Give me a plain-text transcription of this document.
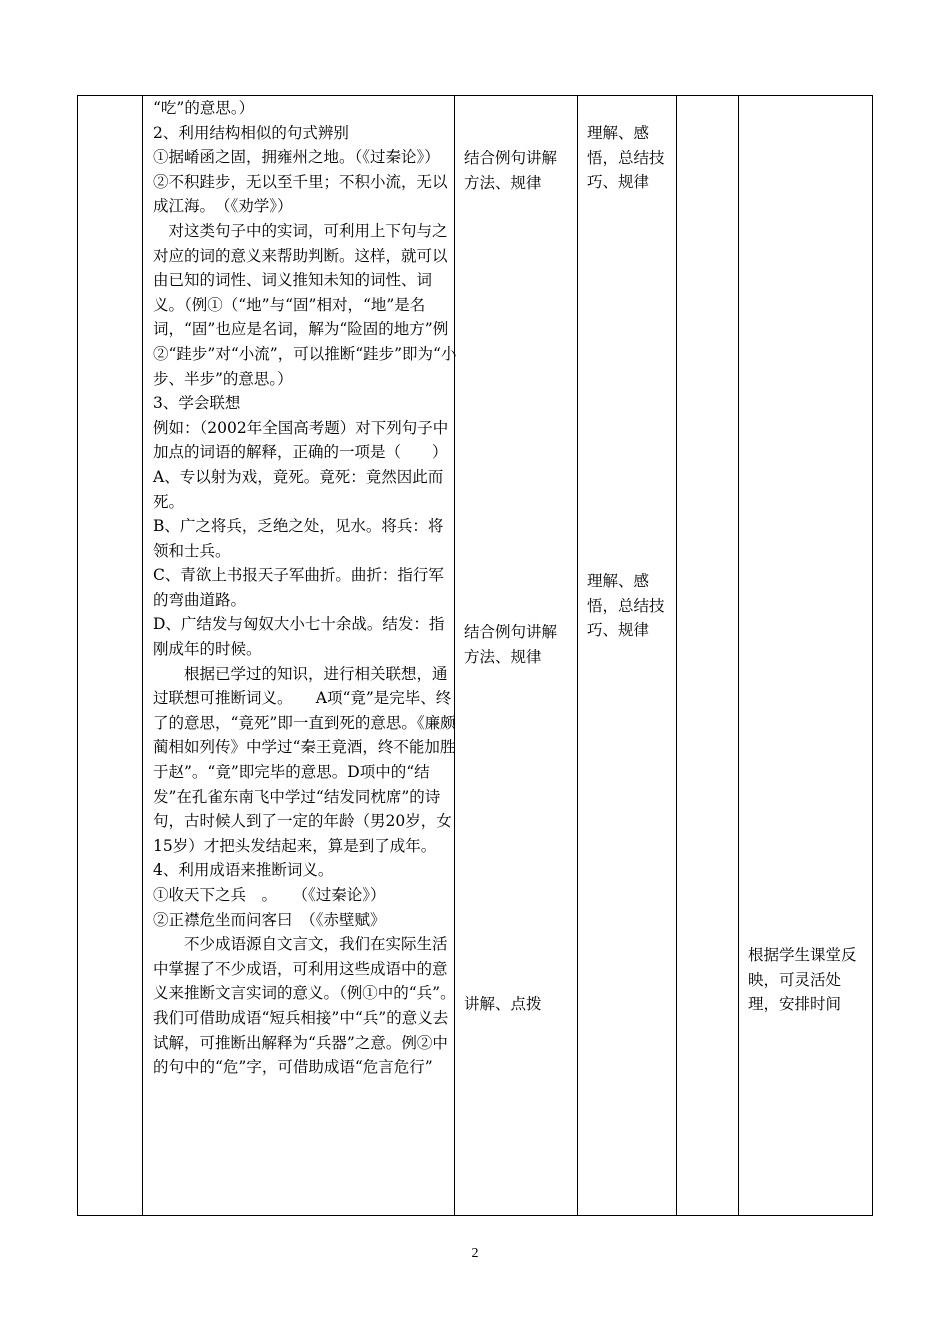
“吃”的意思。）

2、利用结构相似的句式辨别

①据崤函之固，拥雍州之地。（《过秦论》）

②不积跬步，无以至千里；不积小流，无以成江海。　（《劝学》）

对这类句子中的实词，可利用上下句与之对应的词的意义来帮助判断。这样，就可以由已知的词性、词义推知未知的词性、词义。（例①（“地”与“固”相对，“地”是名词，“固”也应是名词，解为“险固的地方”例②“跬步”对“小流”，可以推断“跬步”即为“小步、半步”的意思。）

3、学会联想

例如：（2002年全国高考题）对下列句子中加点的词语的解释，正确的一项是（　　）

A、专以射为戏，竟死。竟死：竟然因此而死。

B、广之将兵，乏绝之处，见水。将兵：将领和士兵。

C、青欲上书报天子军曲折。曲折：指行军的弯曲道路。

D、广结发与匈奴大小七十余战。结发：指刚成年的时候。

根据已学过的知识，进行相关联想，通过联想可推断词义。　　A项“竟”是完毕、终了的意思，“竟死”即一直到死的意思。《廉颇蔺相如列传》中学过“秦王竟酒，终不能加胜于赵”。“竟”即完毕的意思。D项中的“结发”在孔雀东南飞中学过“结发同枕席”的诗句，古时候人到了一定的年龄（男20岁，女15岁）才把头发结起来，算是到了成年。

4、利用成语来推断词义。

①收天下之兵　。　　（《过秦论》）

②正襟危坐而问客曰　（《赤壁赋》

不少成语源自文言文，我们在实际生活中掌握了不少成语，可利用这些成语中的意义来推断文言实词的意义。（例①中的“兵”。我们可借助成语“短兵相接”中“兵”的意义去试解，可推断出解释为“兵器”之意。例②中的句中的“危”字，可借助成语“危言危行”

结合例句讲解方法、规律
结合例句讲解方法、规律
讲解、点拨
理解、感悟，总结技巧、规律
理解、感悟，总结技巧、规律
根据学生课堂反映，可灵活处理，安排时间
2
